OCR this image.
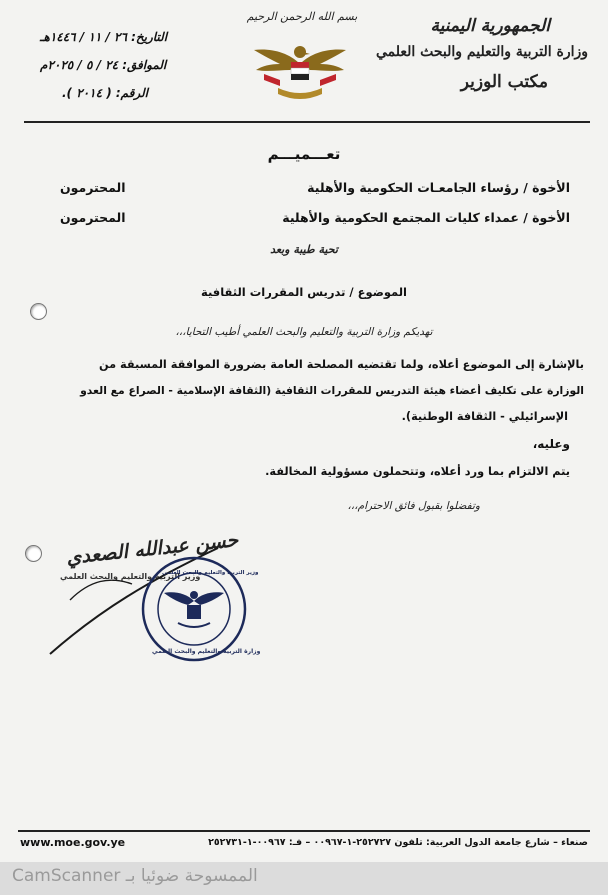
الجمهورية اليمنية
وزارة التربية والتعليم والبحث العلمي
مكتب الوزير
بسم الله الرحمن الرحيم
التاريخ: ٢٦ / ١١ / ١٤٤٦هـ
الموافق: ٢٤ / ٥ / ٢٠٢٥م
الرقم: ( ٢٠١٤ ).
تعـــميـــم
الأخوة / رؤساء الجامعـات الحكومية والأهلية
المحترمون
الأخوة / عمداء كليات المجتمع الحكومية والأهلية
المحترمون
تحية طيبة وبعد
الموضوع / تدريس المقررات الثقافية
تهديكم وزارة التربية والتعليم والبحث العلمي أطيب التحايا،،،
بالإشارة إلى الموضوع أعلاه، ولما تقتضيه المصلحة العامة بضرورة الموافقة المسبقة من
الوزارة على تكليف أعضاء هيئة التدريس للمقررات الثقافية (الثقافة الإسلامية - الصراع مع العدو
الإسرائيلي - الثقافة الوطنية).
وعليه،
يتم الالتزام بما ورد أعلاه، وتتحملون مسؤولية المخالفة.
وتفضلوا بقبول فائق الاحترام،،،
حسن عبدالله الصعدي
وزير التربية والتعليم والبحث العلمي
وزارة التربية والتعليم والبحث العلمي
وزير التربية والتعليم والبحث العلمي
www.moe.gov.ye	صنعاء – شارع جامعة الدول العربية: تلفون ٢٥٢٧٢٧-١-٠٠٩٦٧ – فـ: ٠٠٩٦٧-١-٢٥٢٧٣١
الممسوحة ضوئيا بـ CamScanner
